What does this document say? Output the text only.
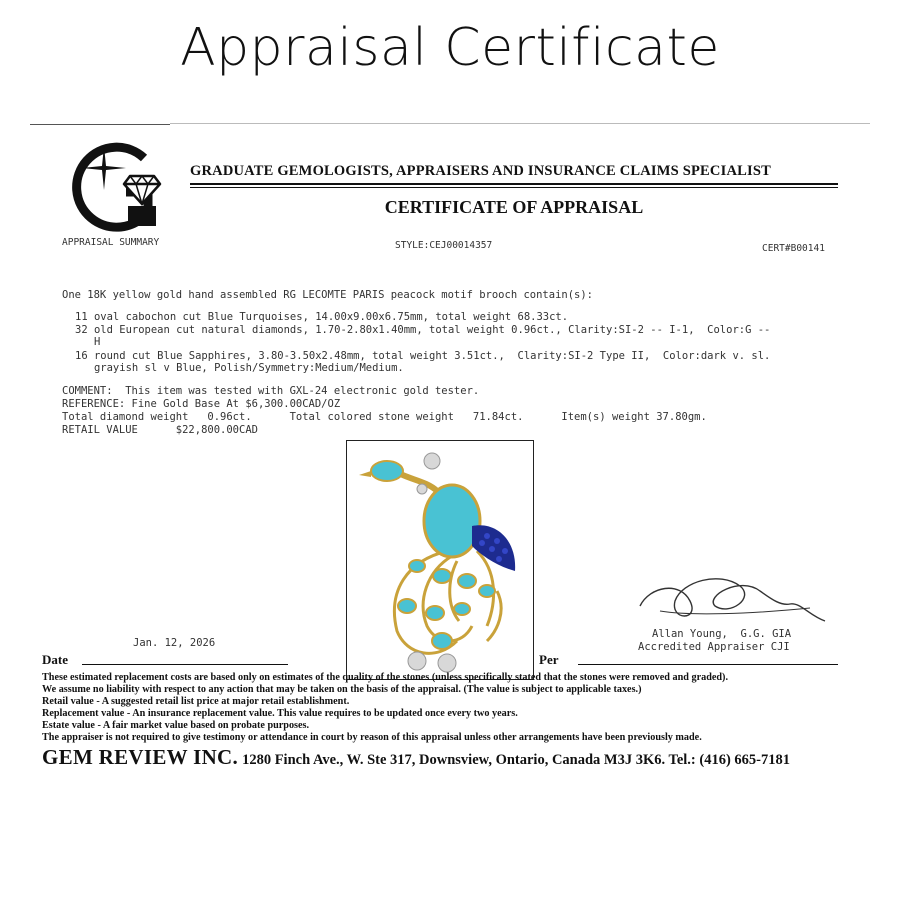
Appraisal Certificate
GRADUATE GEMOLOGISTS, APPRAISERS AND INSURANCE CLAIMS SPECIALIST
CERTIFICATE OF APPRAISAL
APPRAISAL SUMMARY	STYLE:CEJ00014357	CERT#B00141
One 18K yellow gold hand assembled RG LECOMTE PARIS peacock motif brooch contain(s):
11 oval cabochon cut Blue Turquoises, 14.00x9.00x6.75mm, total weight 68.33ct.
32 old European cut natural diamonds, 1.70-2.80x1.40mm, total weight 0.96ct., Clarity:SI-2 -- I-1,  Color:G --
H
16 round cut Blue Sapphires, 3.80-3.50x2.48mm, total weight 3.51ct.,  Clarity:SI-2 Type II,  Color:dark v. sl.
grayish sl v Blue, Polish/Symmetry:Medium/Medium.
COMMENT:  This item was tested with GXL-24 electronic gold tester.
REFERENCE: Fine Gold Base At $6,300.00CAD/OZ
Total diamond weight   0.96ct.      Total colored stone weight   71.84ct.      Item(s) weight 37.80gm.
RETAIL VALUE      $22,800.00CAD
Jan. 12, 2026
Date
Allan Young,  G.G. GIA
Accredited Appraiser CJI
Per
These estimated replacement costs are based only on estimates of the quality of the stones (unless specifically stated that the stones were removed and graded).
We assume no liability with respect to any action that may be taken on the basis of the appraisal. (The value is subject to applicable taxes.)
Retail value - A suggested retail list price at major retail establishment.
Replacement value - An insurance replacement value. This value requires to be updated once every two years.
Estate value - A fair market value based on probate purposes.
The appraiser is not required to give testimony or attendance in court by reason of this appraisal unless other arrangements have been previously made.
GEM REVIEW INC. 1280 Finch Ave., W. Ste 317, Downsview, Ontario, Canada M3J 3K6. Tel.: (416) 665-7181
